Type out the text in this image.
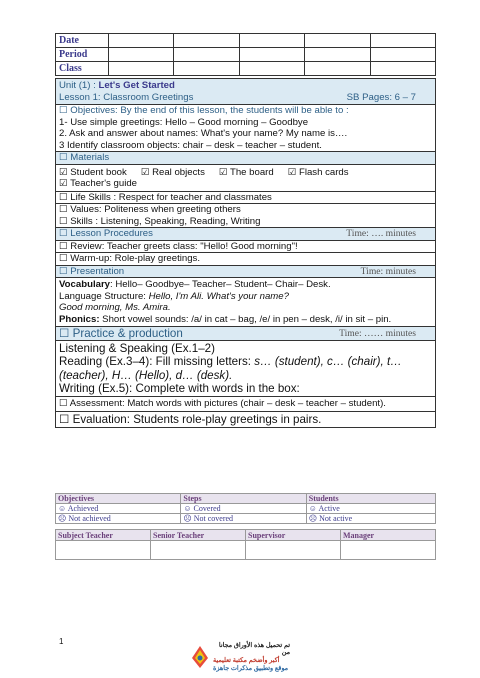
Date					
Period					
Class					
Unit (1) : Let's Get Started
Lesson 1: Classroom Greetings	SB Pages: 6 – 7
☐ Objectives: By the end of this lesson, the students will be able to :
1- Use simple greetings: Hello – Good morning – Goodbye
2. Ask and answer about names: What's your name? My name is….
3 Identify classroom objects: chair – desk – teacher – student.
☐ Materials
☑ Student book ☑ Real objects ☑ The board ☑ Flash cards
☑ Teacher's guide
☐ Life Skills : Respect for teacher and classmates
☐ Values: Politeness when greeting others
☐ Skills : Listening, Speaking, Reading, Writing
☐ Lesson Procedures	Time: …. minutes
☐ Review: Teacher greets class: "Hello! Good morning"!
☐ Warm-up: Role-play greetings.
☐ Presentation	Time: minutes
Vocabulary: Hello– Goodbye– Teacher– Student– Chair– Desk.
Language Structure: Hello, I'm Ali. What's your name?
Good morning, Ms. Amira.
Phonics: Short vowel sounds: /a/ in cat – bag, /e/ in pen – desk, /i/ in sit – pin.
☐ Practice & production	Time: …… minutes
Listening & Speaking (Ex.1–2)
Reading (Ex.3–4): Fill missing letters: s… (student), c… (chair), t… (teacher), H… (Hello), d… (desk).
Writing (Ex.5): Complete with words in the box:
☐ Assessment: Match words with pictures (chair – desk – teacher – student).
☐ Evaluation: Students role-play greetings in pairs.
Objectives	Steps	Students
☺ Achieved	☺ Covered	☺ Active
☹ Not achieved	☹ Not covered	☹ Not active
Subject Teacher	Senior Teacher	Supervisor	Manager

1	تم تحميل هذه الأوراق مجانا من
أكبر وأضخم مكتبة تعليمية
موقع وتطبيق مذكرات جاهزة
